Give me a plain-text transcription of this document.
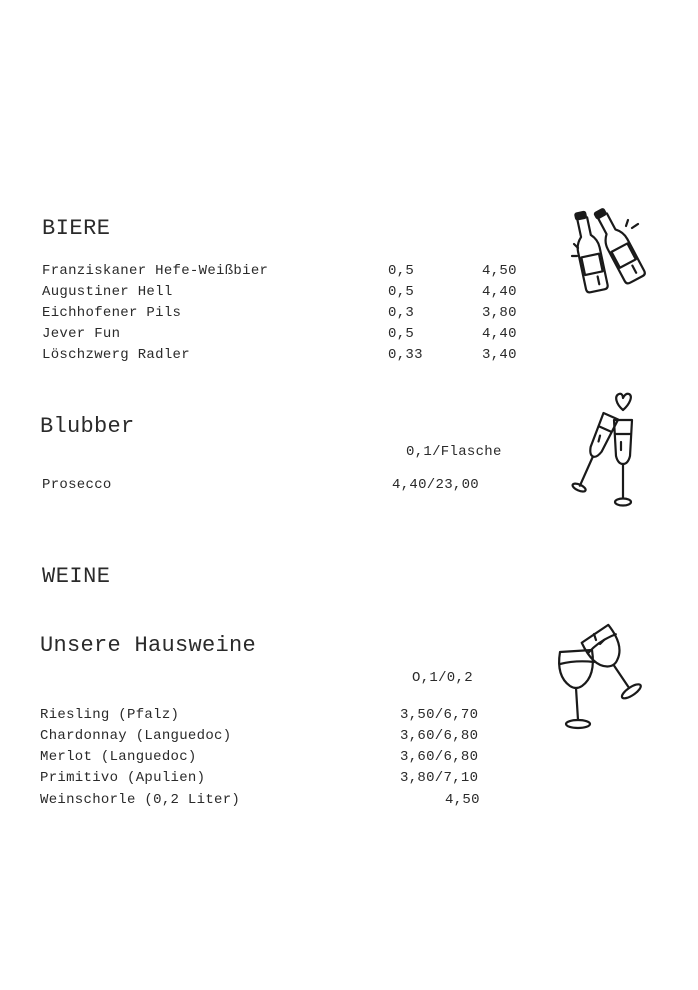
BIERE
Franziskaner Hefe-Weißbier	0,5	4,50
Augustiner Hell	0,5	4,40
Eichhofener Pils	0,3	3,80
Jever Fun	0,5	4,40
Löschzwerg Radler	0,33	3,40
Blubber
0,1/Flasche
Prosecco	4,40/23,00
WEINE
Unsere Hausweine
O,1/0,2
Riesling (Pfalz)	3,50/6,70
Chardonnay (Languedoc)	3,60/6,80
Merlot (Languedoc)	3,60/6,80
Primitivo (Apulien)	3,80/7,10
Weinschorle (0,2 Liter)	4,50
